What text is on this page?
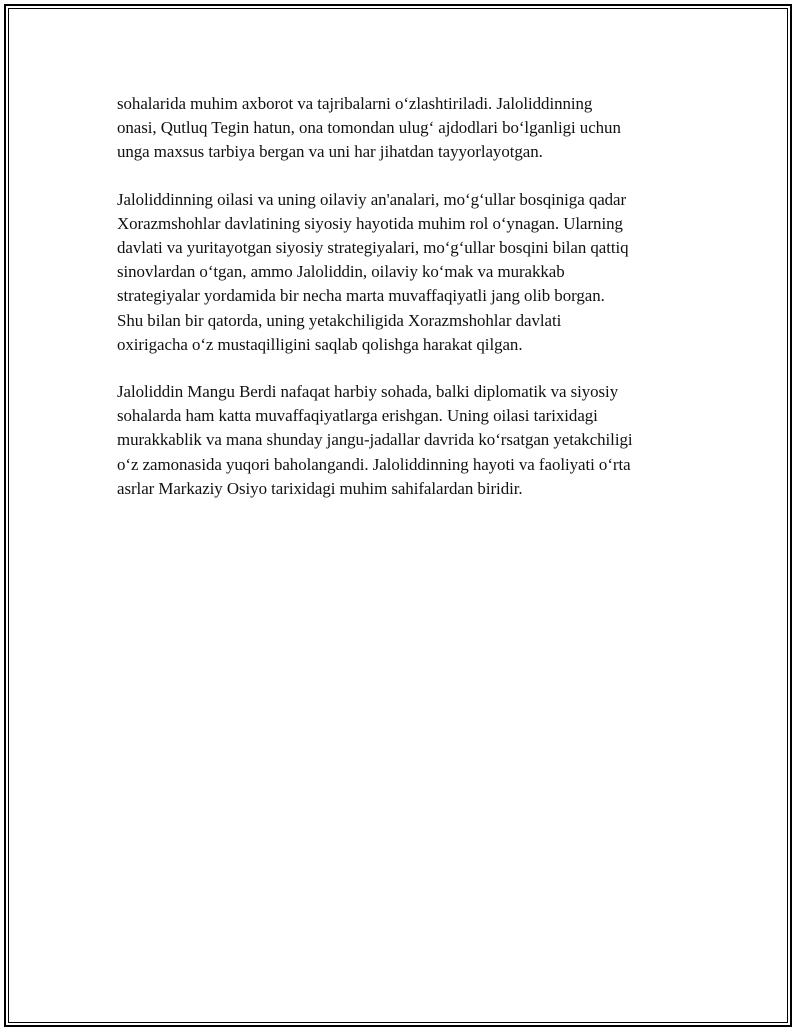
sohalarida muhim axborot va tajribalarni o‘zlashtiriladi. Jaloliddinning
onasi, Qutluq Tegin hatun, ona tomondan ulug‘ ajdodlari bo‘lganligi uchun
unga maxsus tarbiya bergan va uni har jihatdan tayyorlayotgan.

Jaloliddinning oilasi va uning oilaviy an'analari, mo‘g‘ullar bosqiniga qadar
Xorazmshohlar davlatining siyosiy hayotida muhim rol o‘ynagan. Ularning
davlati va yuritayotgan siyosiy strategiyalari, mo‘g‘ullar bosqini bilan qattiq
sinovlardan o‘tgan, ammo Jaloliddin, oilaviy ko‘mak va murakkab
strategiyalar yordamida bir necha marta muvaffaqiyatli jang olib borgan.
Shu bilan bir qatorda, uning yetakchiligida Xorazmshohlar davlati
oxirigacha o‘z mustaqilligini saqlab qolishga harakat qilgan.

Jaloliddin Mangu Berdi nafaqat harbiy sohada, balki diplomatik va siyosiy
sohalarda ham katta muvaffaqiyatlarga erishgan. Uning oilasi tarixidagi
murakkablik va mana shunday jangu-jadallar davrida ko‘rsatgan yetakchiligi
o‘z zamonasida yuqori baholangandi. Jaloliddinning hayoti va faoliyati o‘rta
asrlar Markaziy Osiyo tarixidagi muhim sahifalardan biridir.
